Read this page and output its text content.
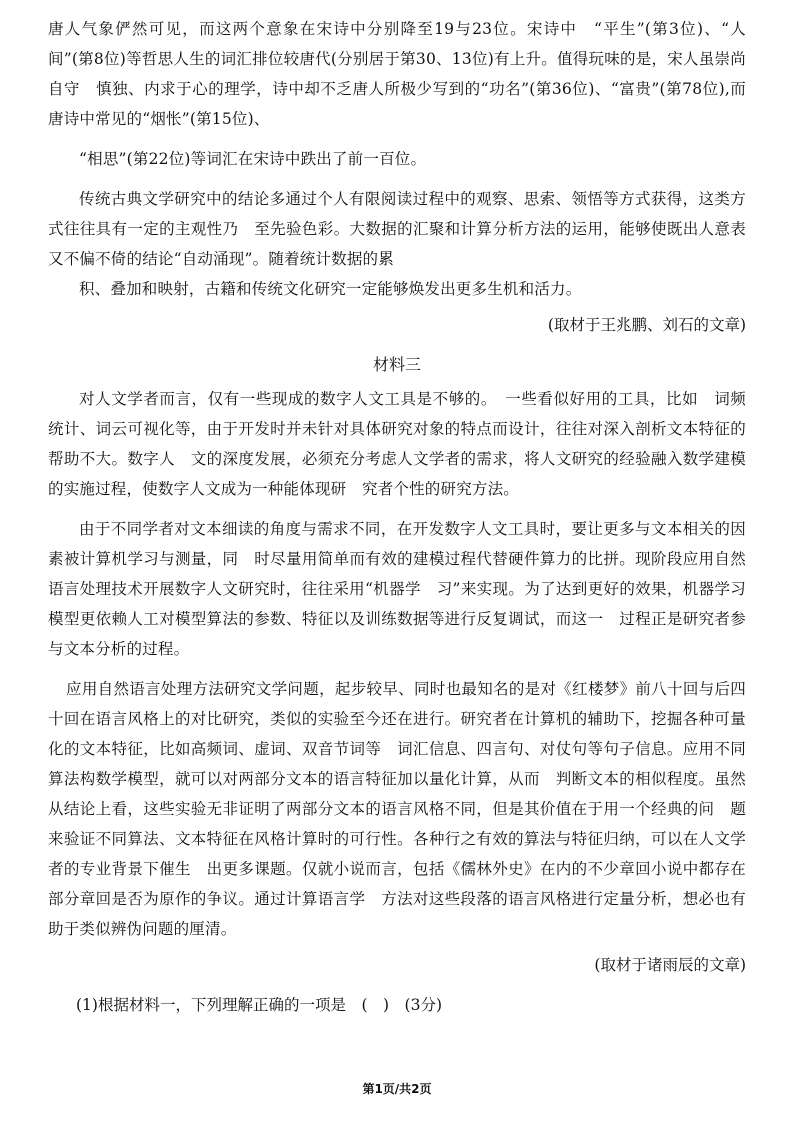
唐人气象俨然可见，而这两个意象在宋诗中分别降至19与23位。宋诗中　“平生”(第3位)、“人间”(第8位)等哲思人生的词汇排位较唐代(分别居于第30、13位)有上升。值得玩味的是，宋人虽崇尚自守　慎独、内求于心的理学，诗中却不乏唐人所极少写到的“功名”(第36位)、“富贵”(第78位),而唐诗中常见的“烟怅”(第15位)、

“相思”(第22位)等词汇在宋诗中跌出了前一百位。

传统古典文学研究中的结论多通过个人有限阅读过程中的观察、思索、领悟等方式获得，这类方式往往具有一定的主观性乃　至先验色彩。大数据的汇聚和计算分析方法的运用，能够使既出人意表又不偏不倚的结论“自动涌现”。随着统计数据的累

积、叠加和映射，古籍和传统文化研究一定能够焕发出更多生机和活力。

(取材于王兆鹏、刘石的文章)

材料三

对人文学者而言，仅有一些现成的数字人文工具是不够的。　一些看似好用的工具，比如　词频统计、词云可视化等，由于开发时并未针对具体研究对象的特点而设计，往往对深入剖析文本特征的帮助不大。数字人　文的深度发展，必须充分考虑人文学者的需求，将人文研究的经验融入数学建模的实施过程，使数字人文成为一种能体现研　究者个性的研究方法。

由于不同学者对文本细读的角度与需求不同，在开发数字人文工具时，要让更多与文本相关的因素被计算机学习与测量，同　时尽量用简单而有效的建模过程代替硬件算力的比拼。现阶段应用自然语言处理技术开展数字人文研究时，往往采用“机器学　习”来实现。为了达到更好的效果，机器学习模型更依赖人工对模型算法的参数、特征以及训练数据等进行反复调试，而这一　过程正是研究者参与文本分析的过程。

应用自然语言处理方法研究文学问题，起步较早、同时也最知名的是对《红楼梦》前八十回与后四十回在语言风格上的对比研究，类似的实验至今还在进行。研究者在计算机的辅助下，挖掘各种可量化的文本特征，比如高频词、虚词、双音节词等　词汇信息、四言句、对仗句等句子信息。应用不同算法构数学模型，就可以对两部分文本的语言特征加以量化计算，从而　判断文本的相似程度。虽然从结论上看，这些实验无非证明了两部分文本的语言风格不同，但是其价值在于用一个经典的问　题来验证不同算法、文本特征在风格计算时的可行性。各种行之有效的算法与特征归纳，可以在人文学者的专业背景下催生　出更多课题。仅就小说而言，包括《儒林外史》在内的不少章回小说中都存在部分章回是否为原作的争议。通过计算语言学　方法对这些段落的语言风格进行定量分析，想必也有助于类似辨伪问题的厘清。

(取材于诸雨辰的文章)

(1)根据材料一，下列理解正确的一项是　(　)　(3分)

第1页/共2页
